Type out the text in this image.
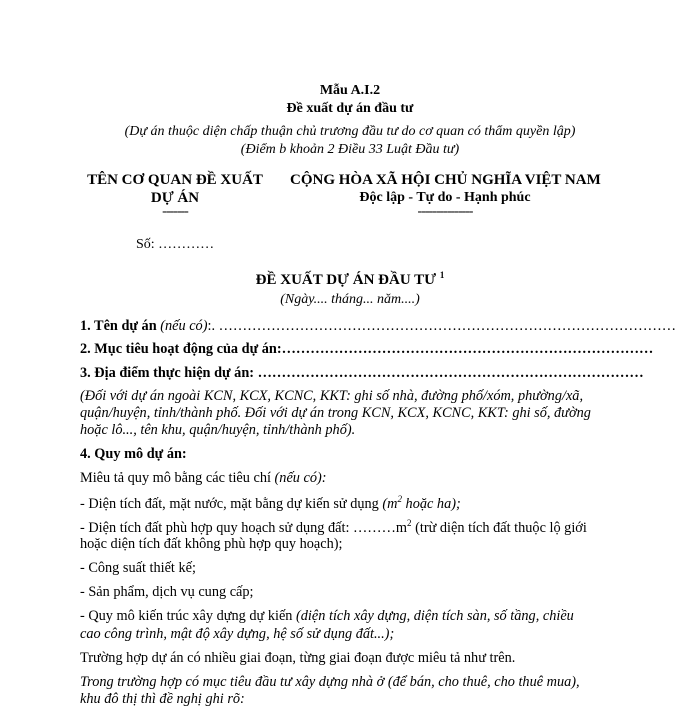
Mẫu A.I.2
Đề xuất dự án đầu tư
(Dự án thuộc diện chấp thuận chủ trương đầu tư do cơ quan có thẩm quyền lập)
(Điểm b khoản 2 Điều 33 Luật Đầu tư)
TÊN CƠ QUAN ĐỀ XUẤT
DỰ ÁN
-------
Số: …………
CỘNG HÒA XÃ HỘI CHỦ NGHĨA VIỆT NAM
Độc lập - Tự do - Hạnh phúc
---------------
ĐỀ XUẤT DỰ ÁN ĐẦU TƯ $^1$
(Ngày.... tháng... năm....)
1. Tên dự án (nếu có):. ……………………………………………………………………………………
2. Mục tiêu hoạt động của dự án:……………………………………………………………………
3. Địa điểm thực hiện dự án: ………………………………………………………………………
(Đối với dự án ngoài KCN, KCX, KCNC, KKT: ghi số nhà, đường phố/xóm, phường/xã,
quận/huyện, tỉnh/thành phố. Đối với dự án trong KCN, KCX, KCNC, KKT: ghi số, đường
hoặc lô..., tên khu, quận/huyện, tỉnh/thành phố).
4. Quy mô dự án:
Miêu tả quy mô bằng các tiêu chí (nếu có):
- Diện tích đất, mặt nước, mặt bằng dự kiến sử dụng ($m^2$ hoặc ha);
- Diện tích đất phù hợp quy hoạch sử dụng đất: $\dots\dots\dots m^2$ (trừ diện tích đất thuộc lộ giới
hoặc diện tích đất không phù hợp quy hoạch);
- Công suất thiết kế;
- Sản phẩm, dịch vụ cung cấp;
- Quy mô kiến trúc xây dựng dự kiến (diện tích xây dựng, diện tích sàn, số tầng, chiều
cao công trình, mật độ xây dựng, hệ số sử dụng đất...);
Trường hợp dự án có nhiều giai đoạn, từng giai đoạn được miêu tả như trên.
Trong trường hợp có mục tiêu đầu tư xây dựng nhà ở (để bán, cho thuê, cho thuê mua),
khu đô thị thì đề nghị ghi rõ:
